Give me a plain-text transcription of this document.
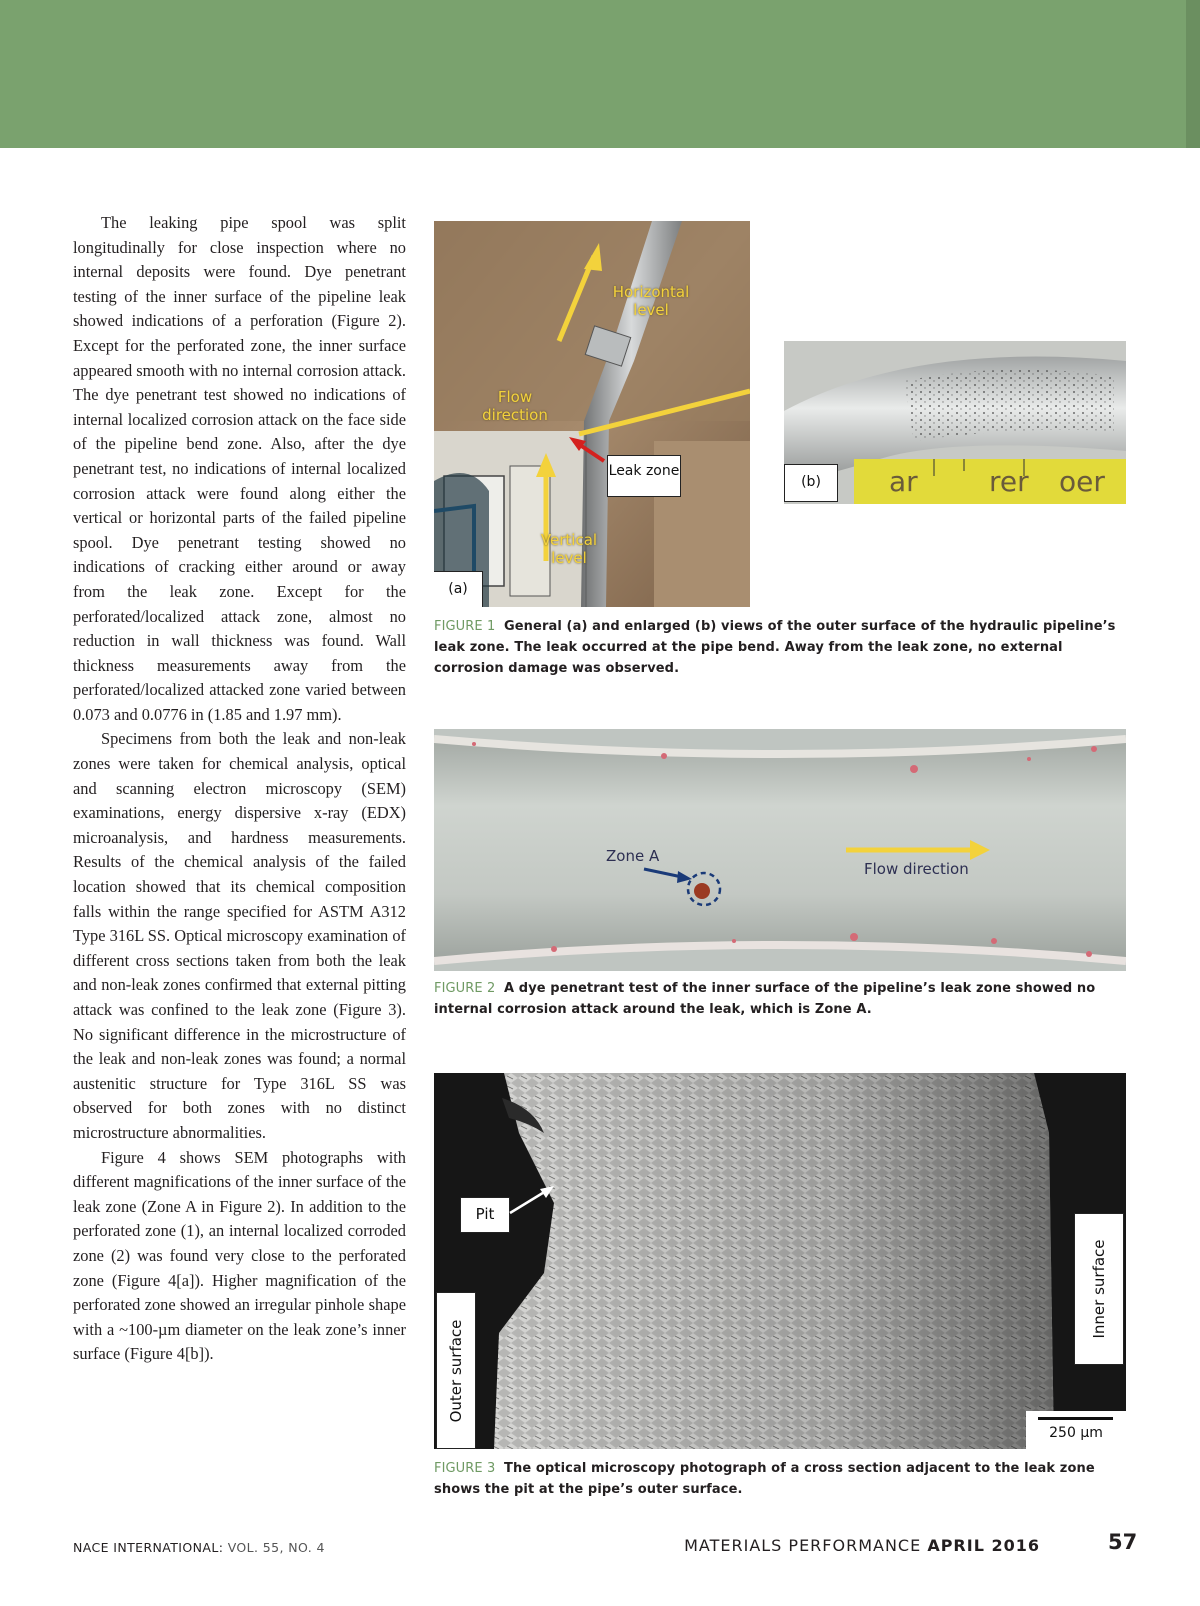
The leaking pipe spool was split longitudinally for close inspection where no internal deposits were found. Dye penetrant testing of the inner surface of the pipeline leak showed indications of a perforation (Figure 2). Except for the perforated zone, the inner surface appeared smooth with no internal corrosion attack. The dye penetrant test showed no indications of internal localized corrosion attack on the face side of the pipeline bend zone. Also, after the dye penetrant test, no indications of internal localized corrosion attack were found along either the vertical or horizontal parts of the failed pipeline spool. Dye penetrant testing showed no indications of cracking either around or away from the leak zone. Except for the perforated/localized attack zone, almost no reduction in wall thickness was found. Wall thickness measurements away from the perforated/localized attacked zone varied between 0.073 and 0.0776 in (1.85 and 1.97 mm).

Specimens from both the leak and non-leak zones were taken for chemical analysis, optical and scanning electron microscopy (SEM) examinations, energy dispersive x-ray (EDX) microanalysis, and hardness measurements. Results of the chemical analysis of the failed location showed that its chemical composition falls within the range specified for ASTM A312 Type 316L SS. Optical microscopy examination of different cross sections taken from both the leak and non-leak zones confirmed that external pitting attack was confined to the leak zone (Figure 3). No significant difference in the microstructure of the leak and non-leak zones was found; a normal austenitic structure for Type 316L SS was observed for both zones with no distinct microstructure abnormalities.

Figure 4 shows SEM photographs with different magnifications of the inner surface of the leak zone (Zone A in Figure 2). In addition to the perforated zone (1), an internal localized corroded zone (2) was found very close to the perforated zone (Figure 4[a]). Higher magnification of the perforated zone showed an irregular pinhole shape with a ~100-µm diameter on the leak zone’s inner surface (Figure 4[b]).

Horizontal level
Flow direction
Leak zone
Vertical level
(a)
ar	rer oer
(b)
FIGURE 1 General (a) and enlarged (b) views of the outer surface of the hydraulic pipeline’s leak zone. The leak occurred at the pipe bend. Away from the leak zone, no external corrosion damage was observed.
Zone A
Flow direction
FIGURE 2 A dye penetrant test of the inner surface of the pipeline’s leak zone showed no internal corrosion attack around the leak, which is Zone A.
Pit
Outer surface
Inner surface
250 µm
FIGURE 3 The optical microscopy photograph of a cross section adjacent to the leak zone shows the pit at the pipe’s outer surface.
NACE INTERNATIONAL: VOL. 55, NO. 4	MATERIALS PERFORMANCE APRIL 2016	57
